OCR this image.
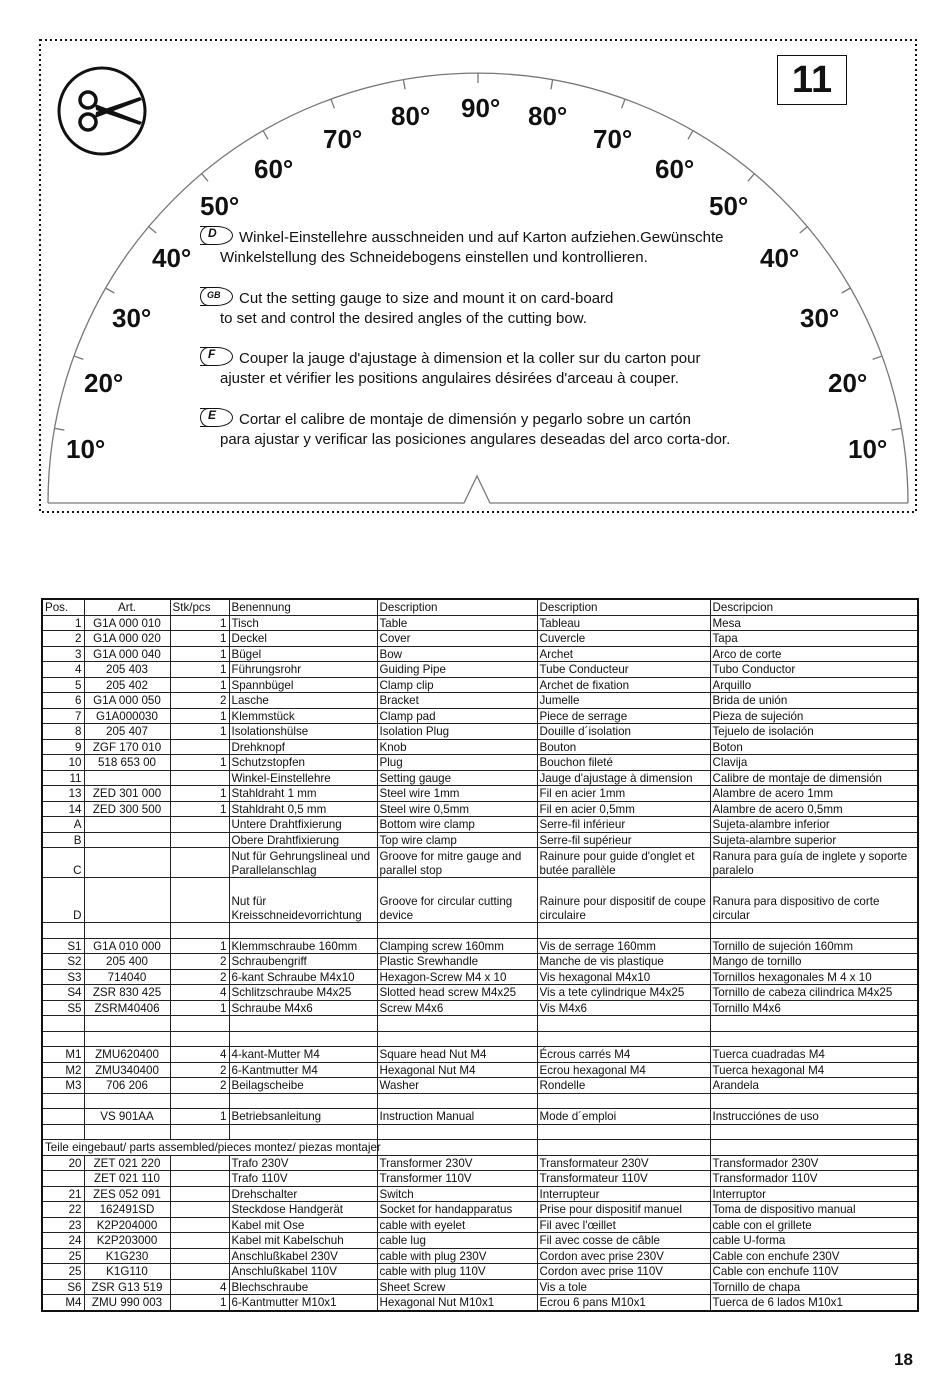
10°
20°
30°
40°
50°
60°
70°
80° 90° 80°
70°
60°
50°
40°
30°
20°
10°
11
D Winkel-Einstellehre ausschneiden und auf Karton aufziehen.Gewünschte
Winkelstellung des Schneidebogens einstellen und kontrollieren.
GB Cut the setting gauge to size and mount it on card-board
to set and control the desired angles of the cutting bow.
F Couper la jauge d'ajustage à dimension et la coller sur du carton pour
ajuster et vérifier les positions angulaires désirées d'arceau à couper.
E Cortar el calibre de montaje de dimensión y pegarlo sobre un cartón
para ajustar y verificar las posiciones angulares deseadas del arco corta-dor.
Pos.	Art.	Stk/pcs	Benennung	Description	Description	Descripcion
1	G1A 000 010	1	Tisch	Table	Tableau	Mesa
2	G1A 000 020	1	Deckel	Cover	Cuvercle	Tapa
3	G1A 000 040	1	Bügel	Bow	Archet	Arco de corte
4	205 403	1	Führungsrohr	Guiding Pipe	Tube Conducteur	Tubo Conductor
5	205 402	1	Spannbügel	Clamp clip	Archet de fixation	Arquillo
6	G1A 000 050	2	Lasche	Bracket	Jumelle	Brida de unión
7	G1A000030	1	Klemmstück	Clamp pad	Piece de serrage	Pieza de sujeción
8	205 407	1	Isolationshülse	Isolation Plug	Douille d´isolation	Tejuelo de isolación
9	ZGF 170 010		Drehknopf	Knob	Bouton	Boton
10	518 653 00	1	Schutzstopfen	Plug	Bouchon fileté	Clavija
11			Winkel-Einstellehre	Setting gauge	Jauge d'ajustage à dimension	Calibre de montaje de dimensión
13	ZED 301 000	1	Stahldraht 1 mm	Steel wire 1mm	Fil en acier 1mm	Alambre de acero 1mm
14	ZED 300 500	1	Stahldraht 0,5 mm	Steel wire 0,5mm	Fil en acier 0,5mm	Alambre de acero 0,5mm
A			Untere Drahtfixierung	Bottom wire clamp	Serre-fil inférieur	Sujeta-alambre inferior
B			Obere Drahtfixierung	Top wire clamp	Serre-fil supérieur	Sujeta-alambre superior
C			Nut für Gehrungslineal und Parallelanschlag	Groove for mitre gauge and parallel stop	Rainure pour guide d'onglet et butée parallèle	Ranura para guía de inglete y soporte paralelo
D			Nut für Kreisschneidevorrichtung	Groove for circular cutting device	Rainure pour dispositif de coupe circulaire	Ranura para dispositivo de corte circular

S1	G1A 010 000	1	Klemmschraube 160mm	Clamping screw 160mm	Vis de serrage 160mm	Tornillo de sujeción 160mm
S2	205 400	2	Schraubengriff	Plastic Srewhandle	Manche de vis plastique	Mango de tornillo
S3	714040	2	6-kant Schraube M4x10	Hexagon-Screw M4 x 10	Vis hexagonal M4x10	Tornillos hexagonales M 4 x 10
S4	ZSR 830 425	4	Schlitzschraube M4x25	Slotted head screw M4x25	Vis a tete cylindrique M4x25	Tornillo de cabeza cilindrica M4x25
S5	ZSRM40406	1	Schraube M4x6	Screw M4x6	Vis M4x6	Tornillo M4x6

M1	ZMU620400	4	4-kant-Mutter M4	Square head Nut M4	Écrous carrés M4	Tuerca cuadradas M4
M2	ZMU340400	2	6-Kantmutter M4	Hexagonal Nut M4	Ecrou hexagonal M4	Tuerca hexagonal M4
M3	706 206	2	Beilagscheibe	Washer	Rondelle	Arandela

	VS 901AA	1	Betriebsanleitung	Instruction Manual	Mode d´emploi	Instrucciónes de uso

Teile eingebaut/ parts assembled/pieces montez/ piezas montajer						
20	ZET 021 220		Trafo 230V	Transformer 230V	Transformateur 230V	Transformador 230V
	ZET 021 110		Trafo 110V	Transformer 110V	Transformateur 110V	Transformador 110V
21	ZES 052 091		Drehschalter	Switch	Interrupteur	Interruptor
22	162491SD		Steckdose Handgerät	Socket for handapparatus	Prise pour dispositif manuel	Toma de dispositivo manual
23	K2P204000		Kabel mit Ose	cable with eyelet	Fil avec l'œillet	cable con el grillete
24	K2P203000		Kabel mit Kabelschuh	cable lug	Fil avec cosse de câble	cable U-forma
25	K1G230		Anschlußkabel 230V	cable with plug 230V	Cordon avec prise 230V	Cable con enchufe 230V
25	K1G110		Anschlußkabel 110V	cable with plug 110V	Cordon avec prise 110V	Cable con enchufe 110V
S6	ZSR G13 519	4	Blechschraube	Sheet Screw	Vis a tole	Tornillo de chapa
M4	ZMU 990 003	1	6-Kantmutter M10x1	Hexagonal Nut M10x1	Ecrou 6 pans M10x1	Tuerca de 6 lados M10x1
18
